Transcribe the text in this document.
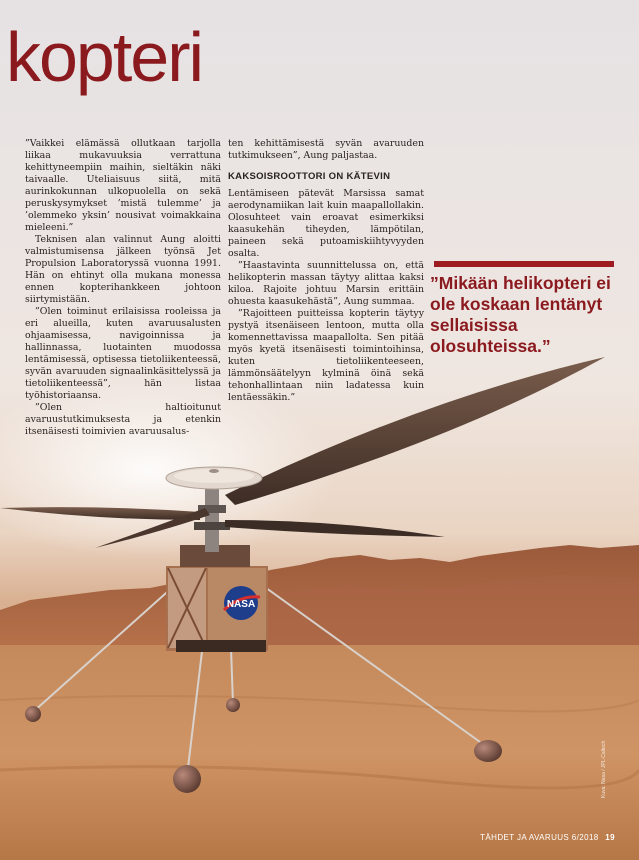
NASA
kopteri

”Vaikkei elämässä ollutkaan tarjolla liikaa mukavuuksia verrattuna kehittyneempiin maihin, sieltäkin näki taivaalle. Uteliaisuus siitä, mitä aurinkokunnan ulkopuolella on sekä peruskysymykset ’mistä tulemme’ ja ’olemmeko yksin’ nousivat voimakkaina mieleeni.”

Teknisen alan valinnut Aung aloitti valmistumisensa jälkeen työnsä Jet Propulsion Laboratoryssä vuonna 1991. Hän on ehtinyt olla mukana monessa ennen kopterihankkeen johtoon siirtymistään.

”Olen toiminut erilaisissa rooleissa ja eri alueilla, kuten avaruusalusten ohjaamisessa, navigoinnissa ja hallinnassa, luotainten muodossa lentämisessä, optisessa tietoliikenteessä, syvän avaruuden signaalinkäsittelyssä ja tietoliikenteessä”, hän listaa työhistoriaansa.

”Olen haltioitunut avaruustutkimuksesta ja etenkin itsenäisesti toimivien avaruusalus-

ten kehittämisestä syvän avaruuden tutkimukseen”, Aung paljastaa.

KAKSOISROOTTORI ON KÄTEVIN

Lentämiseen pätevät Marsissa samat aerodynamiikan lait kuin maapallollakin. Olosuhteet vain eroavat esimerkiksi kaasukehän tiheyden, lämpötilan, paineen sekä putoamiskiihtyvyyden osalta.

”Haastavinta suunnittelussa on, että helikopterin massan täytyy alittaa kaksi kiloa. Rajoite johtuu Marsin erittäin ohuesta kaasukehästä”, Aung summaa.

”Rajoitteen puitteissa kopterin täytyy pystyä itsenäiseen lentoon, mutta olla komennettavissa maapallolta. Sen pitää myös kyetä itsenäisesti toimintoihinsa, kuten tietoliikenteeseen, lämmönsäätelyyn kylminä öinä sekä tehonhallintaan niin ladatessa kuin lentäessäkin.”

”Mikään helikopteri ei ole koskaan lentänyt sellaisissa olosuhteissa.”

Kuva: Nasa / JPL-Caltech
TÄHDET JA AVARUUS 6/2018 19
